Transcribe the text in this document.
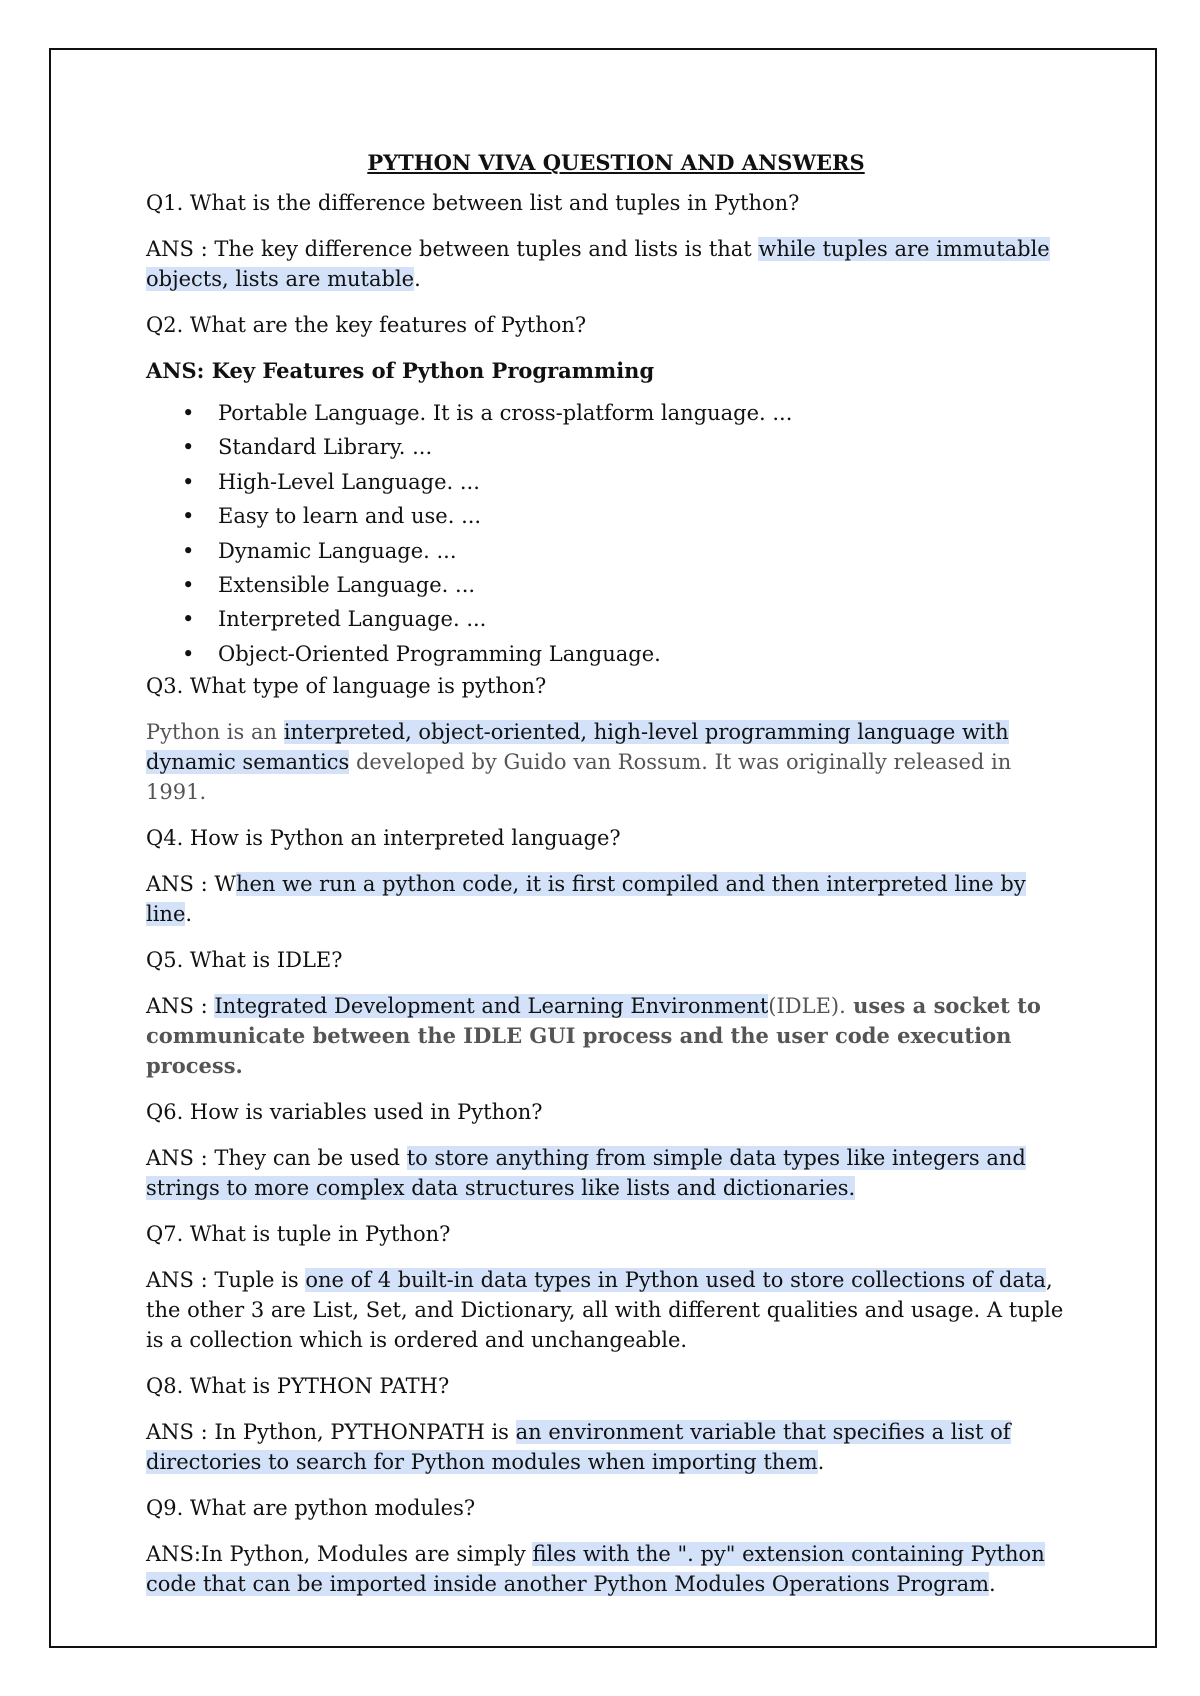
PYTHON VIVA QUESTION AND ANSWERS

Q1. What is the difference between list and tuples in Python?

ANS : The key difference between tuples and lists is that while tuples are immutable objects, lists are mutable.

Q2. What are the key features of Python?

ANS: Key Features of Python Programming

• Portable Language. It is a cross-platform language. ...
• Standard Library. ...
• High-Level Language. ...
• Easy to learn and use. ...
• Dynamic Language. ...
• Extensible Language. ...
• Interpreted Language. ...
• Object-Oriented Programming Language.

Q3. What type of language is python?

Python is an interpreted, object-oriented, high-level programming language with dynamic semantics developed by Guido van Rossum. It was originally released in 1991.

Q4. How is Python an interpreted language?

ANS : When we run a python code, it is first compiled and then interpreted line by line.

Q5. What is IDLE?

ANS : Integrated Development and Learning Environment(IDLE). uses a socket to communicate between the IDLE GUI process and the user code execution process.

Q6. How is variables used in Python?

ANS : They can be used to store anything from simple data types like integers and strings to more complex data structures like lists and dictionaries.

Q7. What is tuple in Python?

ANS : Tuple is one of 4 built-in data types in Python used to store collections of data, the other 3 are List, Set, and Dictionary, all with different qualities and usage. A tuple is a collection which is ordered and unchangeable.

Q8. What is PYTHON PATH?

ANS : In Python, PYTHONPATH is an environment variable that specifies a list of directories to search for Python modules when importing them.

Q9. What are python modules?

ANS:In Python, Modules are simply files with the ". py" extension containing Python code that can be imported inside another Python Modules Operations Program.
